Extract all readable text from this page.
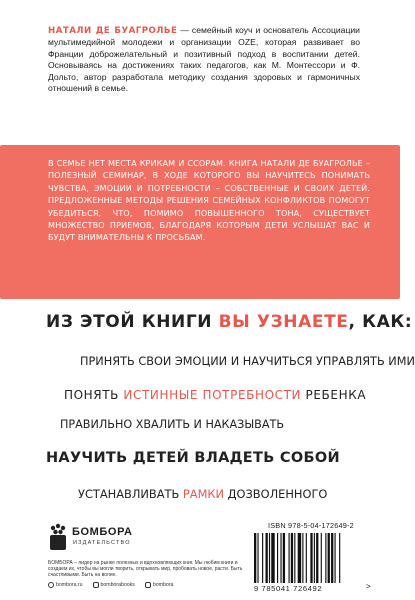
НАТАЛИ ДЕ БУАГРОЛЬЕ — семейный коуч и основатель Ассоциации мультимедийной молодежи и организации OZE, которая развивает во Франции доброжелательный и позитивный подход в воспитании детей. Основываясь на достижениях таких педагогов, как М. Монтессори и Ф. Дольто, автор разработала методику создания здоровых и гармоничных отношений в семье.

В СЕМЬЕ НЕТ МЕСТА КРИКАМ И ССОРАМ. КНИГА НАТАЛИ ДЕ БУАГРОЛЬЕ – ПОЛЕЗНЫЙ СЕМИНАР, В ХОДЕ КОТОРОГО ВЫ НАУЧИТЕСЬ ПОНИМАТЬ ЧУВСТВА, ЭМОЦИИ И ПОТРЕБНОСТИ – СОБСТВЕННЫЕ И СВОИХ ДЕТЕЙ. ПРЕДЛОЖЕННЫЕ МЕТОДЫ РЕШЕНИЯ СЕМЕЙНЫХ КОНФЛИКТОВ ПОМОГУТ УБЕДИТЬСЯ, ЧТО, ПОМИМО ПОВЫШЕННОГО ТОНА, СУЩЕСТВУЕТ МНОЖЕСТВО ПРИЕМОВ, БЛАГОДАРЯ КОТОРЫМ ДЕТИ УСЛЫШАТ ВАС И БУДУТ ВНИМАТЕЛЬНЫ К ПРОСЬБАМ.

ИЗ ЭТОЙ КНИГИ ВЫ УЗНАЕТЕ, КАК:
ПРИНЯТЬ СВОИ ЭМОЦИИ И НАУЧИТЬСЯ УПРАВЛЯТЬ ИМИ
ПОНЯТЬ ИСТИННЫЕ ПОТРЕБНОСТИ РЕБЕНКА
ПРАВИЛЬНО ХВАЛИТЬ И НАКАЗЫВАТЬ
НАУЧИТЬ ДЕТЕЙ ВЛАДЕТЬ СОБОЙ
УСТАНАВЛИВАТЬ РАМКИ ДОЗВОЛЕННОГО
БОМБОРА
ИЗДАТЕЛЬСТВО
БОМБОРА – лидер на рынке полезных и вдохновляющих книг. Мы любим книги и создаем их, чтобы вы могли творить, открывать мир, пробовать новое, расти. Быть счастливыми. Быть на волне.
bombora.ru	bomborabooks	bombora
ISBN 978-5-04-172649-2
9 785041 726492	>
